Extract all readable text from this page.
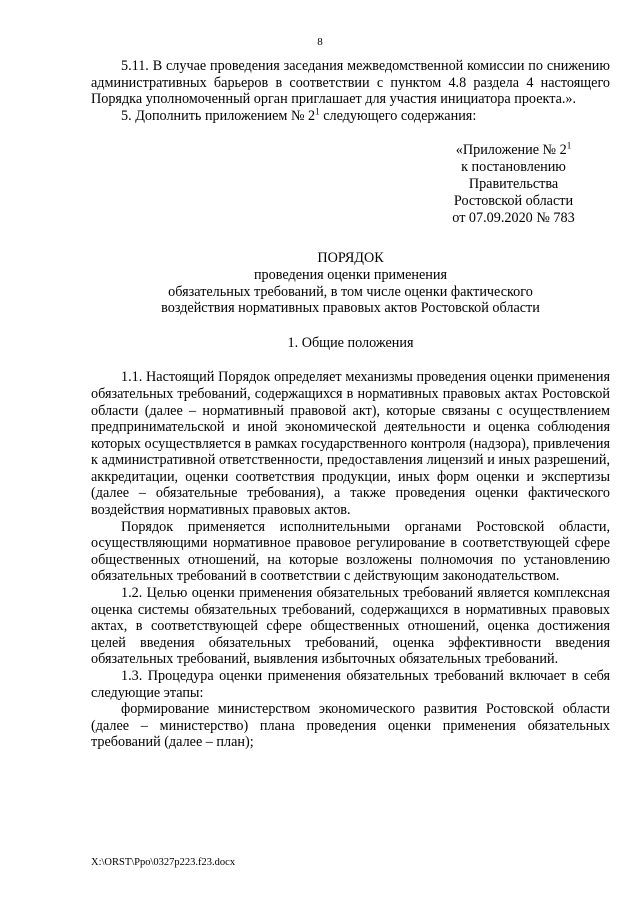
8

5.11. В случае проведения заседания межведомственной комиссии по снижению административных барьеров в соответствии с пунктом 4.8 раздела 4 настоящего Порядка уполномоченный орган приглашает для участия инициатора проекта.».

5. Дополнить приложением № $2^1$ следующего содержания:

«Приложение № $2^1$
к постановлению
Правительства
Ростовской области
от 07.09.2020 № 783
ПОРЯДОК
проведения оценки применения
обязательных требований, в том числе оценки фактического
воздействия нормативных правовых актов Ростовской области
1. Общие положения

1.1. Настоящий Порядок определяет механизмы проведения оценки применения обязательных требований, содержащихся в нормативных правовых актах Ростовской области (далее – нормативный правовой акт), которые связаны с осуществлением предпринимательской и иной экономической деятельности и оценка соблюдения которых осуществляется в рамках государственного контроля (надзора), привлечения к административной ответственности, предоставления лицензий и иных разрешений, аккредитации, оценки соответствия продукции, иных форм оценки и экспертизы (далее – обязательные требования), а также проведения оценки фактического воздействия нормативных правовых актов.

Порядок применяется исполнительными органами Ростовской области, осуществляющими нормативное правовое регулирование в соответствующей сфере общественных отношений, на которые возложены полномочия по установлению обязательных требований в соответствии с действующим законодательством.

1.2. Целью оценки применения обязательных требований является комплексная оценка системы обязательных требований, содержащихся в нормативных правовых актах, в соответствующей сфере общественных отношений, оценка достижения целей введения обязательных требований, оценка эффективности введения обязательных требований, выявления избыточных обязательных требований.

1.3. Процедура оценки применения обязательных требований включает в себя следующие этапы:

формирование министерством экономического развития Ростовской области (далее – министерство) плана проведения оценки применения обязательных требований (далее – план);

X:\ORST\Ppo\0327p223.f23.docx
